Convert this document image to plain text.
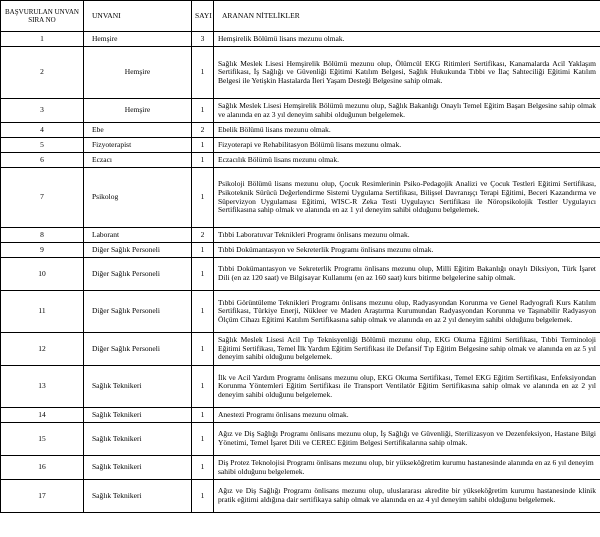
BAŞVURULAN UNVAN SIRA NO	UNVANI	SAYI	ARANAN NİTELİKLER
1	Hemşire	3	Hemşirelik Bölümü lisans mezunu olmak.
2	Hemşire	1	Sağlık Meslek Lisesi Hemşirelik Bölümü mezunu olup, Ölümcül EKG Ritimleri Sertifikası, Kanamalarda Acil Yaklaşım Sertifikası, İş Sağlığı ve Güvenliği Eğitimi Katılım Belgesi, Sağlık Hukukunda Tıbbi ve İlaç Sahteciliği Eğitimi Katılım Belgesi ile Yetişkin Hastalarda İleri Yaşam Desteği Belgesine sahip olmak.
3	Hemşire	1	Sağlık Meslek Lisesi Hemşirelik Bölümü mezunu olup, Sağlık Bakanlığı Onaylı Temel Eğitim Başarı Belgesine sahip olmak ve alanında en az 3 yıl deneyim sahibi olduğunun belgelemek.
4	Ebe	2	Ebelik Bölümü lisans mezunu olmak.
5	Fizyoterapist	1	Fizyoterapi ve Rehabilitasyon Bölümü lisans mezunu olmak.
6	Eczacı	1	Eczacılık Bölümü lisans mezunu olmak.
7	Psikolog	1	Psikoloji Bölümü lisans mezunu olup, Çocuk Resimlerinin Psiko-Pedagojik Analizi ve Çocuk Testleri Eğitimi Sertifikası, Psikoteknik Sürücü Değerlendirme Sistemi Uygulama Sertifikası, Bilişsel Davranışçı Terapi Eğitimi, Beceri Kazandırma ve Süpervizyon Uygulaması Eğitimi, WISC-R Zeka Testi Uygulayıcı Sertifikası ile Nöropsikolojik Testler Uygulayıcı Sertifikasına sahip olmak ve alanında en az 1 yıl deneyim sahibi olduğunu belgelemek.
8	Laborant	2	Tıbbi Laboratuvar Teknikleri Programı önlisans mezunu olmak.
9	Diğer Sağlık Personeli	1	Tıbbi Dokümantasyon ve Sekreterlik Programı önlisans mezunu olmak.
10	Diğer Sağlık Personeli	1	Tıbbi Dokümantasyon ve Sekreterlik Programı önlisans mezunu olup, Milli Eğitim Bakanlığı onaylı Diksiyon, Türk İşaret Dili (en az 120 saat) ve Bilgisayar Kullanımı (en az 160 saat) kurs bitirme belgelerine sahip olmak.
11	Diğer Sağlık Personeli	1	Tıbbi Görüntüleme Teknikleri Programı önlisans mezunu olup, Radyasyondan Korunma ve Genel Radyografi Kurs Katılım Sertifikası, Türkiye Enerji, Nükleer ve Maden Araştırma Kurumundan Radyasyondan Korunma ve Taşınabilir Radyasyon Ölçüm Cihazı Eğitimi Katılım Sertifikasına sahip olmak ve alanında en az 2 yıl deneyim sahibi olduğunu belgelemek.
12	Diğer Sağlık Personeli	1	Sağlık Meslek Lisesi Acil Tıp Teknisyenliği Bölümü mezunu olup, EKG Okuma Eğitimi Sertifikası, Tıbbi Terminoloji Eğitimi Sertifikası, Temel İlk Yardım Eğitim Sertifikası ile Defansif Tıp Eğitim Belgesine sahip olmak ve alanında en az 5 yıl deneyim sahibi olduğunu belgelemek.
13	Sağlık Teknikeri	1	İlk ve Acil Yardım Programı önlisans mezunu olup, EKG Okuma Sertifikası, Temel EKG Eğitim Sertifikası, Enfeksiyondan Korunma Yöntemleri Eğitim Sertifikası ile Transport Ventilatör Eğitim Sertifikasına sahip olmak ve alanında en az 2 yıl deneyim sahibi olduğunu belgelemek.
14	Sağlık Teknikeri	1	Anestezi Programı önlisans mezunu olmak.
15	Sağlık Teknikeri	1	Ağız ve Diş Sağlığı Programı önlisans mezunu olup, İş Sağlığı ve Güvenliği, Sterilizasyon ve Dezenfeksiyon, Hastane Bilgi Yönetimi, Temel İşaret Dili ve CEREC Eğitim Belgesi Sertifikalarına sahip olmak.
16	Sağlık Teknikeri	1	Diş Protez Teknolojisi Programı önlisans mezunu olup, bir yükseköğretim kurumu hastanesinde alanında en az 6 yıl deneyim sahibi olduğunu belgelemek.
17	Sağlık Teknikeri	1	Ağız ve Diş Sağlığı Programı önlisans mezunu olup, uluslararası akredite bir yükseköğretim kurumu hastanesinde klinik pratik eğitimi aldığına dair sertifikaya sahip olmak ve alanında en az 4 yıl deneyim sahibi olduğunu belgelemek.
